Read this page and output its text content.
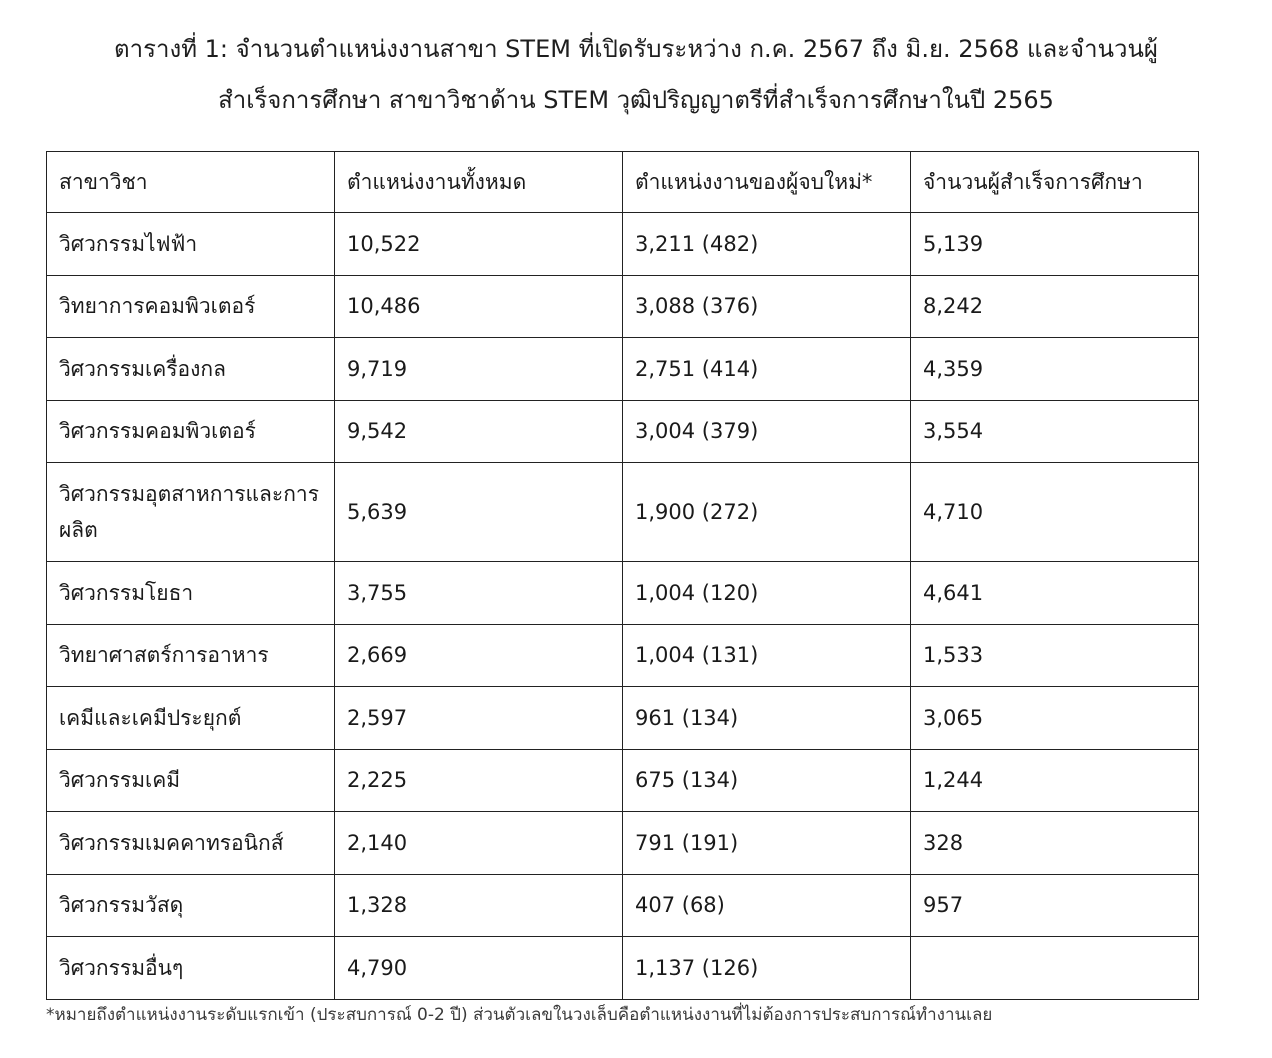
ตารางที่ 1: จำนวนตำแหน่งงานสาขา STEM ที่เปิดรับระหว่าง ก.ค. 2567 ถึง มิ.ย. 2568 และจำนวนผู้
สำเร็จการศึกษา สาขาวิชาด้าน STEM วุฒิปริญญาตรีที่สำเร็จการศึกษาในปี 2565
สาขาวิชา	ตำแหน่งงานทั้งหมด	ตำแหน่งงานของผู้จบใหม่*	จำนวนผู้สำเร็จการศึกษา
วิศวกรรมไฟฟ้า	10,522	3,211 (482)	5,139
วิทยาการคอมพิวเตอร์	10,486	3,088 (376)	8,242
วิศวกรรมเครื่องกล	9,719	2,751 (414)	4,359
วิศวกรรมคอมพิวเตอร์	9,542	3,004 (379)	3,554
วิศวกรรมอุตสาหการและการผลิต	5,639	1,900 (272)	4,710
วิศวกรรมโยธา	3,755	1,004 (120)	4,641
วิทยาศาสตร์การอาหาร	2,669	1,004 (131)	1,533
เคมีและเคมีประยุกต์	2,597	961 (134)	3,065
วิศวกรรมเคมี	2,225	675 (134)	1,244
วิศวกรรมเมคคาทรอนิกส์	2,140	791 (191)	328
วิศวกรรมวัสดุ	1,328	407 (68)	957
วิศวกรรมอื่นๆ	4,790	1,137 (126)	
*หมายถึงตำแหน่งงานระดับแรกเข้า (ประสบการณ์ 0-2 ปี) ส่วนตัวเลขในวงเล็บคือตำแหน่งงานที่ไม่ต้องการประสบการณ์ทำงานเลย
